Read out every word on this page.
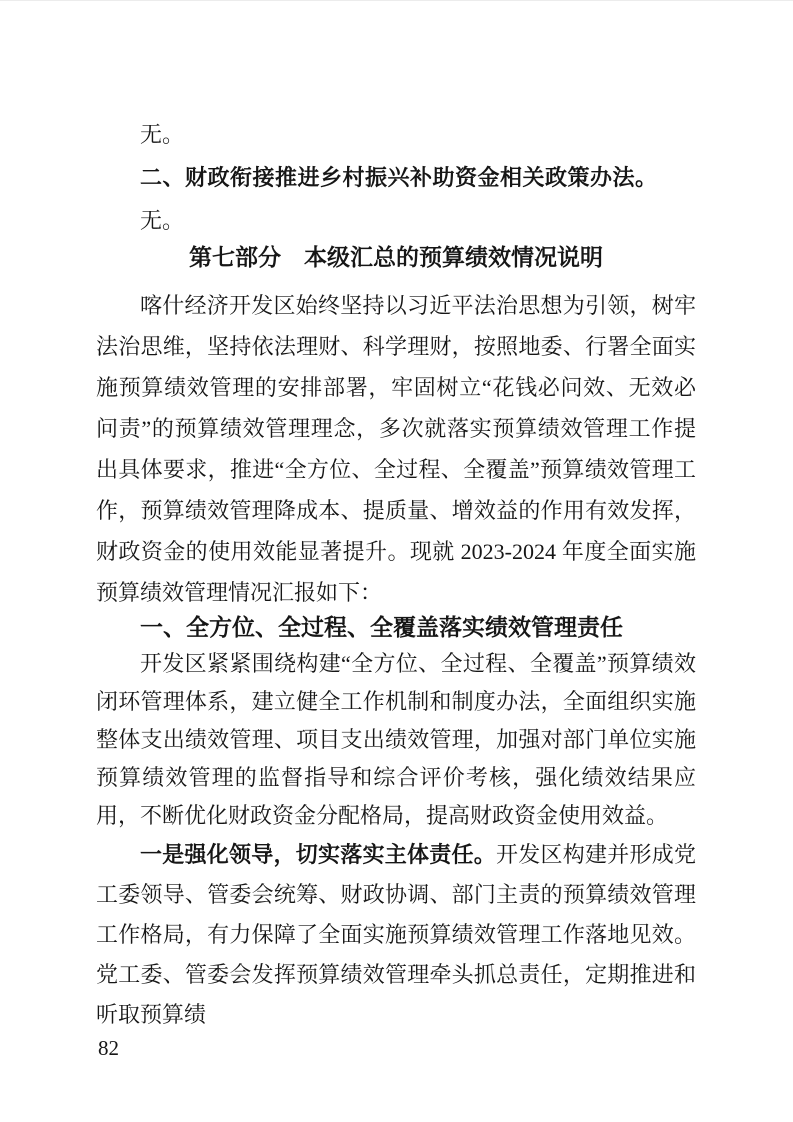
无。

二、财政衔接推进乡村振兴补助资金相关政策办法。

无。

第七部分　本级汇总的预算绩效情况说明

喀什经济开发区始终坚持以习近平法治思想为引领，树牢法治思维，坚持依法理财、科学理财，按照地委、行署全面实施预算绩效管理的安排部署，牢固树立“花钱必问效、无效必问责”的预算绩效管理理念，多次就落实预算绩效管理工作提出具体要求，推进“全方位、全过程、全覆盖”预算绩效管理工作，预算绩效管理降成本、提质量、增效益的作用有效发挥，财政资金的使用效能显著提升。现就 2023-2024 年度全面实施预算绩效管理情况汇报如下：

一、全方位、全过程、全覆盖落实绩效管理责任

开发区紧紧围绕构建“全方位、全过程、全覆盖”预算绩效闭环管理体系，建立健全工作机制和制度办法，全面组织实施整体支出绩效管理、项目支出绩效管理，加强对部门单位实施预算绩效管理的监督指导和综合评价考核，强化绩效结果应用，不断优化财政资金分配格局，提高财政资金使用效益。

一是强化领导，切实落实主体责任。开发区构建并形成党工委领导、管委会统筹、财政协调、部门主责的预算绩效管理工作格局，有力保障了全面实施预算绩效管理工作落地见效。党工委、管委会发挥预算绩效管理牵头抓总责任，定期推进和听取预算绩

82
